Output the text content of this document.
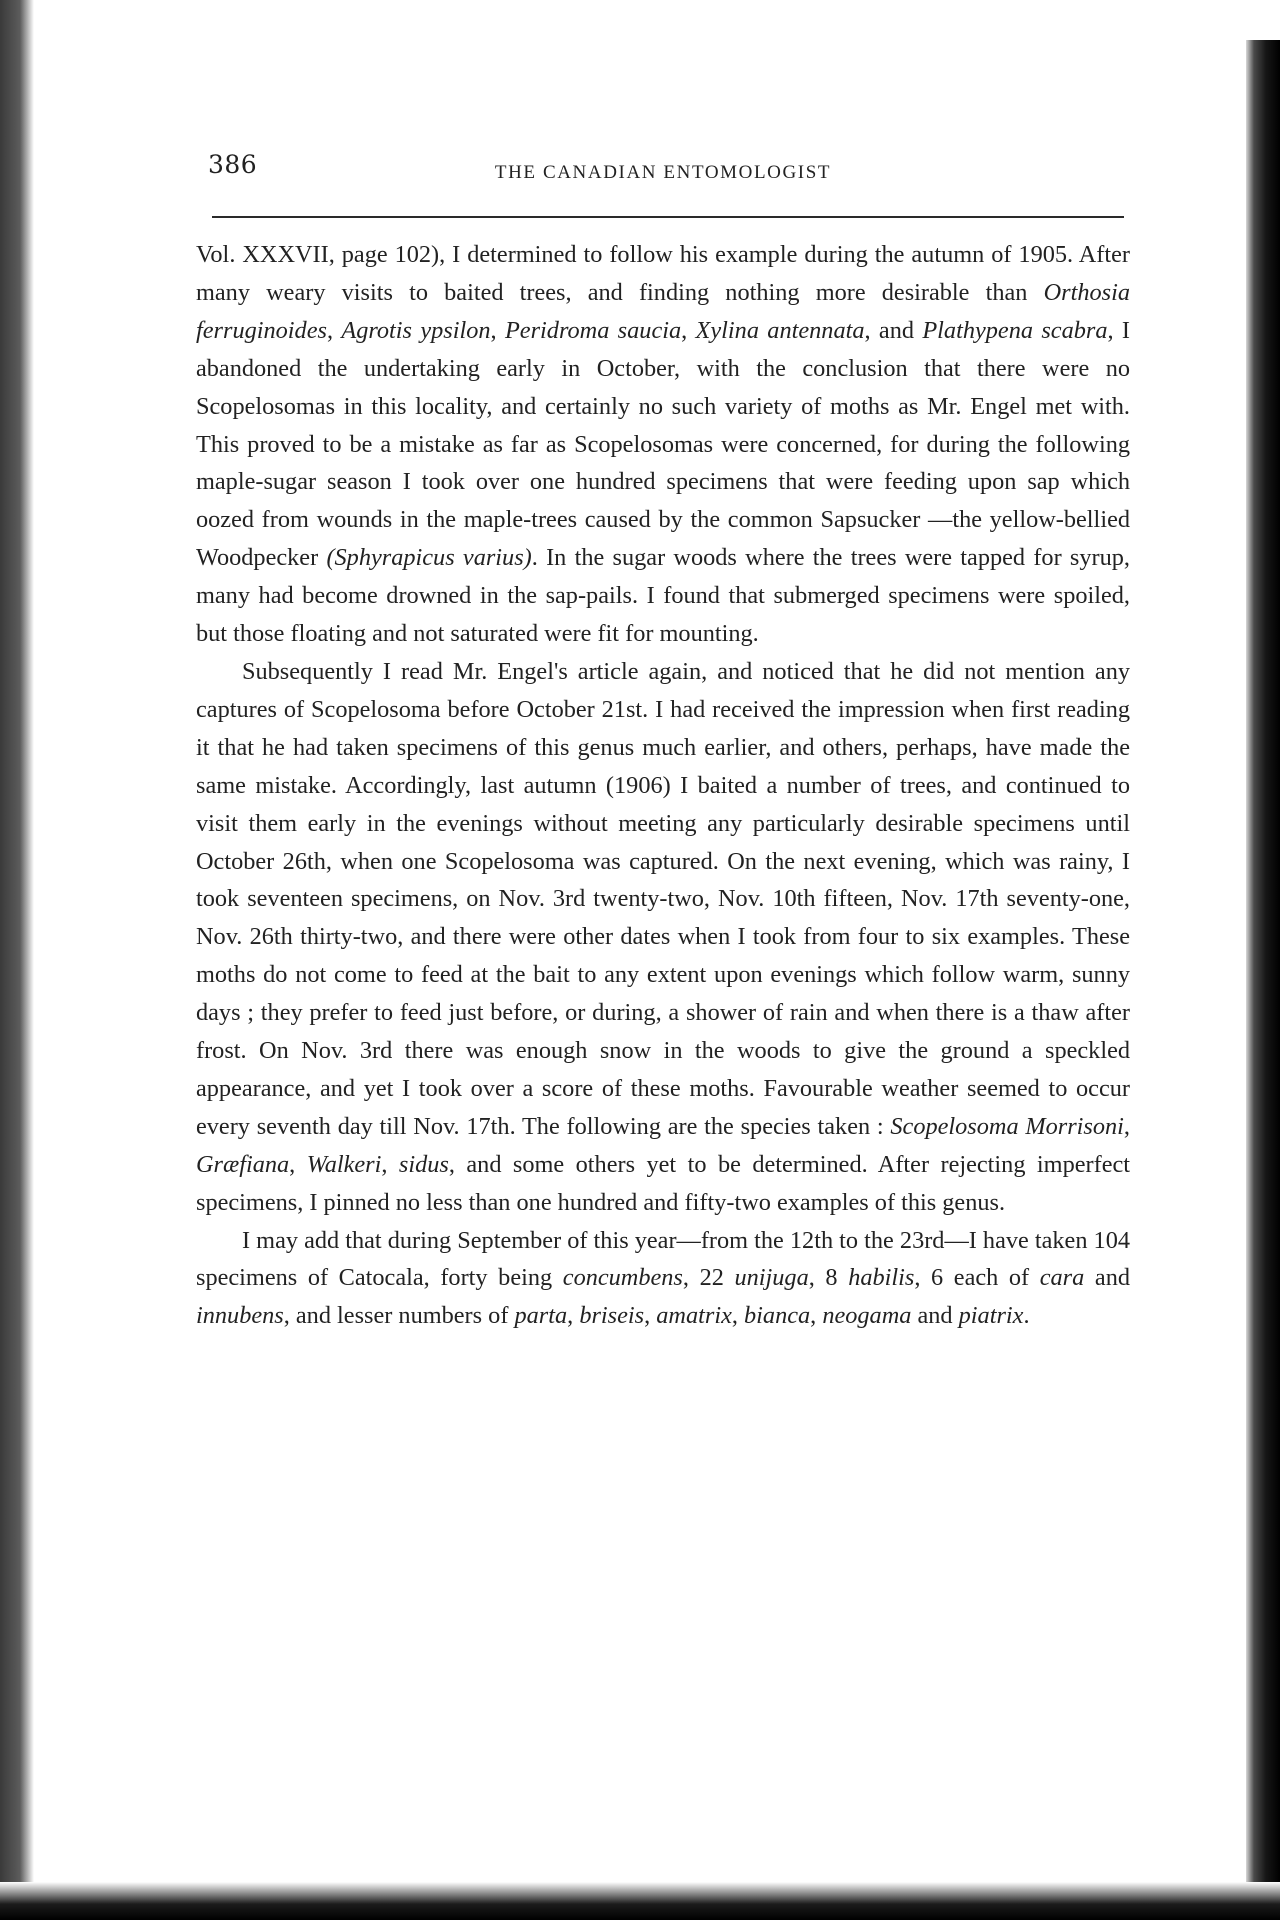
386	THE CANADIAN ENTOMOLOGIST

Vol. XXXVII, page 102), I determined to follow his example during the autumn of 1905. After many weary visits to baited trees, and finding nothing more desirable than Orthosia ferruginoides, Agrotis ypsilon, Peridroma saucia, Xylina antennata, and Plathypena scabra, I abandoned the undertaking early in October, with the conclusion that there were no Scopelosomas in this locality, and certainly no such variety of moths as Mr. Engel met with. This proved to be a mistake as far as Scopelosomas were concerned, for during the following maple-sugar season I took over one hundred specimens that were feeding upon sap which oozed from wounds in the maple-trees caused by the common Sapsucker —the yellow-bellied Woodpecker (Sphyrapicus varius). In the sugar woods where the trees were tapped for syrup, many had become drowned in the sap-pails. I found that submerged specimens were spoiled, but those floating and not saturated were fit for mounting.

Subsequently I read Mr. Engel's article again, and noticed that he did not mention any captures of Scopelosoma before October 21st. I had received the impression when first reading it that he had taken specimens of this genus much earlier, and others, perhaps, have made the same mistake. Accordingly, last autumn (1906) I baited a number of trees, and continued to visit them early in the evenings without meeting any particularly desirable specimens until October 26th, when one Scopelosoma was captured. On the next evening, which was rainy, I took seventeen specimens, on Nov. 3rd twenty-two, Nov. 10th fifteen, Nov. 17th seventy-one, Nov. 26th thirty-two, and there were other dates when I took from four to six examples. These moths do not come to feed at the bait to any extent upon evenings which follow warm, sunny days ; they prefer to feed just before, or during, a shower of rain and when there is a thaw after frost. On Nov. 3rd there was enough snow in the woods to give the ground a speckled appearance, and yet I took over a score of these moths. Favourable weather seemed to occur every seventh day till Nov. 17th. The following are the species taken : Scopelosoma Morrisoni, Græfiana, Walkeri, sidus, and some others yet to be determined. After rejecting imperfect specimens, I pinned no less than one hundred and fifty-two examples of this genus.

I may add that during September of this year—from the 12th to the 23rd—I have taken 104 specimens of Catocala, forty being concumbens, 22 unijuga, 8 habilis, 6 each of cara and innubens, and lesser numbers of parta, briseis, amatrix, bianca, neogama and piatrix.
